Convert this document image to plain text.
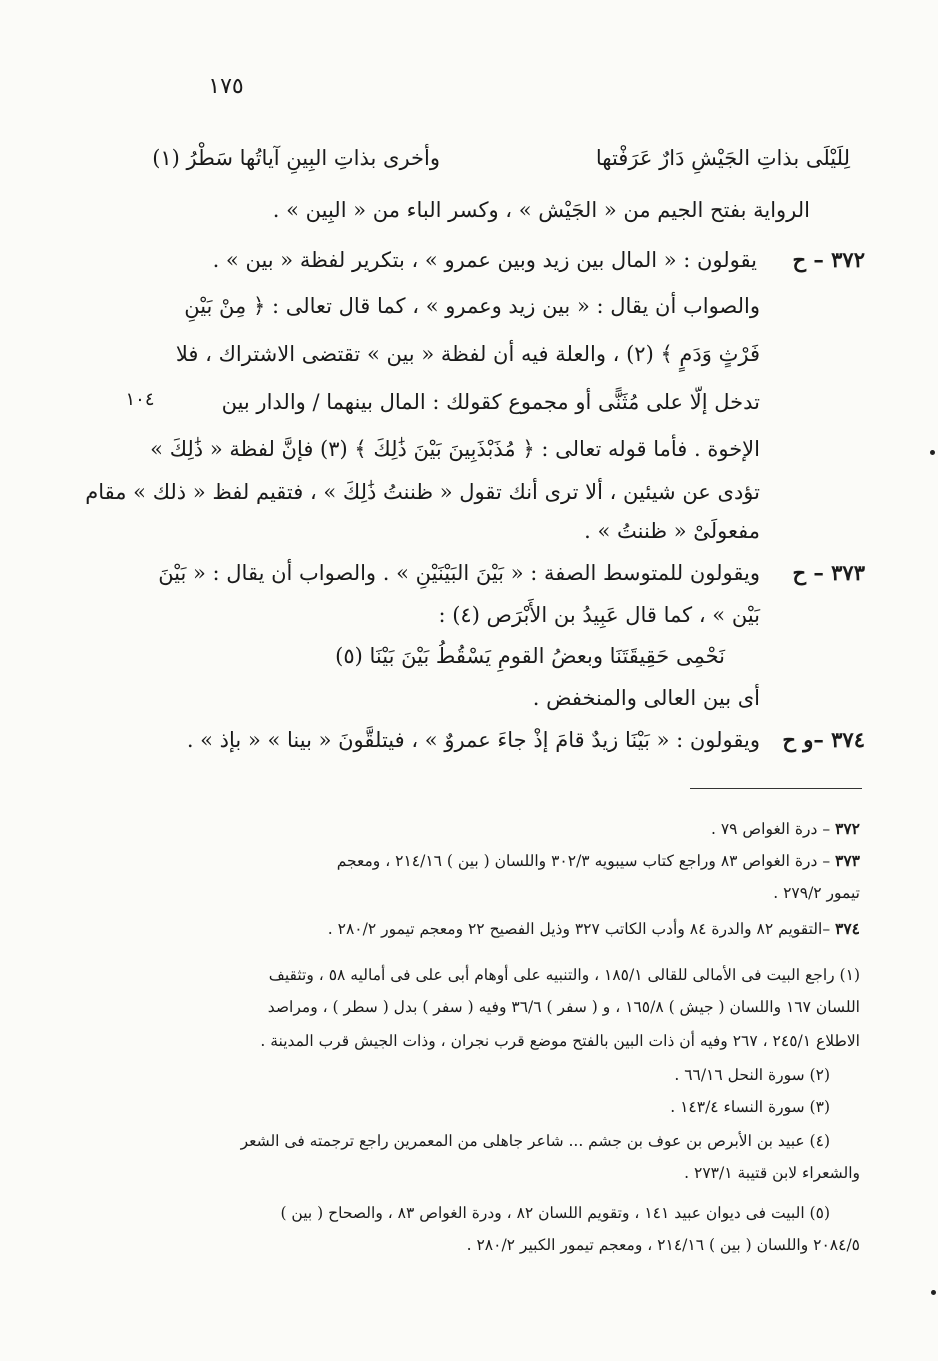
١٧٥
لِلَيْلَى بذاتِ الجَيْشِ دَارٌ عَرَفْتها
وأخرى بذاتِ البِينِ آياتُها سَطْرُ (١)
الرواية بفتح الجيم من « الجَيْش » ، وكسر الباء من « البِين » .
٣٧٢ – ح
يقولون : « المال بين زيد وبين عمرو » ، بتكرير لفظة « بين » .
والصواب أن يقال : « بين زيد وعمرو » ، كما قال تعالى : ﴿ مِنْ بَيْنِ
فَرْثٍ وَدَمٍ ﴾ (٢) ، والعلة فيه أن لفظة « بين » تقتضى الاشتراك ، فلا
١٠٤	تدخل إلّا على مُثَنًّى أو مجموع كقولك : المال بينهما / والدار بين
الإخوة . فأما قوله تعالى : ﴿ مُذَبْذَبِينَ بَيْنَ ذَٰلِكَ ﴾ (٣) فإنَّ لفظة « ذَٰلِكَ »
تؤدى عن شيئين ، ألا ترى أنك تقول « ظننتُ ذَٰلِكَ » ، فتقيم لفظ « ذلك » مقام
مفعولَىْ « ظننتُ » .
٣٧٣ – ح
ويقولون للمتوسط الصفة : « بَيْنَ البَيْنَيْنِ » . والصواب أن يقال : « بَيْنَ
بَيْن » ، كما قال عَبِيدُ بن الأَبْرَص (٤) :
نَحْمِى حَقِيقَتَنَا وبعضُ القومِ يَسْقُطُ بَيْنَ بَيْنَا (٥)
أى بين العالى والمنخفض .
٣٧٤ –و ح
ويقولون : « بَيْنَا زيدٌ قامَ إذْ جاءَ عمروٌ » ، فيتلقَّونَ « بينا » « بإذ » .
٣٧٢ – درة الغواص ٧٩ .
٣٧٣ – درة الغواص ٨٣ وراجع كتاب سيبويه ٣٠٢/٣ واللسان ( بين ) ٢١٤/١٦ ، ومعجم
تيمور ٢٧٩/٢ .
٣٧٤ –التقويم ٨٢ والدرة ٨٤ وأدب الكاتب ٣٢٧ وذيل الفصيح ٢٢ ومعجم تيمور ٢٨٠/٢ .
(١) راجع البيت فى الأمالى للقالى ١٨٥/١ ، والتنبيه على أوهام أبى على فى أماليه ٥٨ ، وتثقيف
اللسان ١٦٧ واللسان ( جيش ) ١٦٥/٨ ، و ( سفر ) ٣٦/٦ وفيه ( سفر ) بدل ( سطر ) ، ومراصد
الاطلاع ٢٤٥/١ ، ٢٦٧ وفيه أن ذات البين بالفتح موضع قرب نجران ، وذات الجيش قرب المدينة .
(٢) سورة النحل ٦٦/١٦ .
(٣) سورة النساء ١٤٣/٤ .
(٤) عبيد بن الأبرص بن عوف بن جشم ... شاعر جاهلى من المعمرين راجع ترجمته فى الشعر
والشعراء لابن قتيبة ٢٧٣/١ .
(٥) البيت فى ديوان عبيد ١٤١ ، وتقويم اللسان ٨٢ ، ودرة الغواص ٨٣ ، والصحاح ( بين )
٢٠٨٤/٥ واللسان ( بين ) ٢١٤/١٦ ، ومعجم تيمور الكبير ٢٨٠/٢ .
